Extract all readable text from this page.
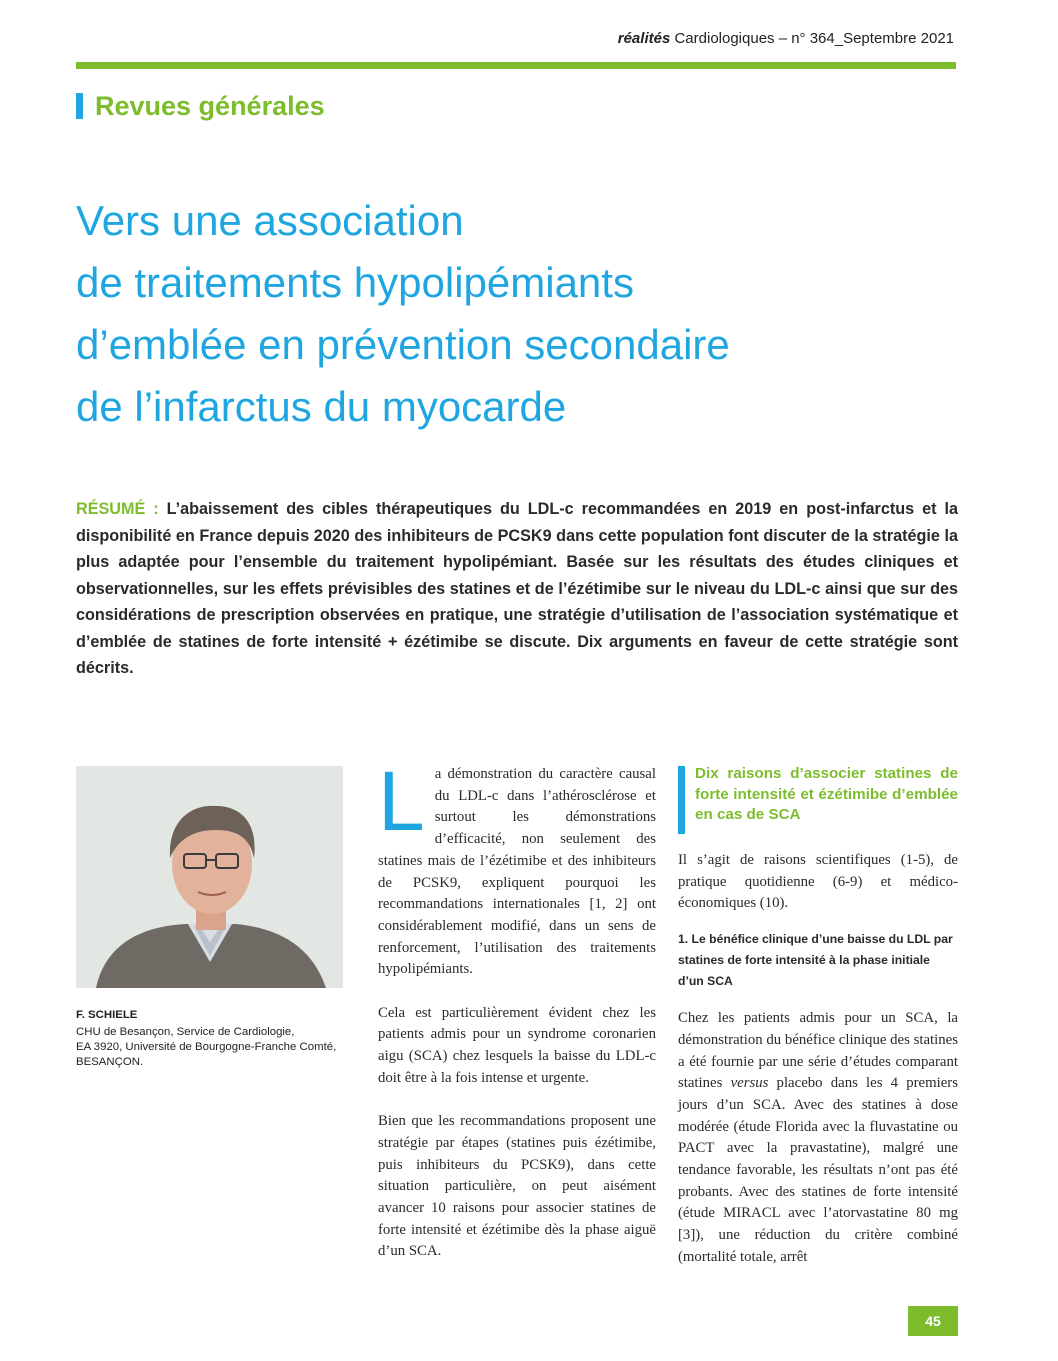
réalités Cardiologiques – n° 364_Septembre 2021
Revues générales
Vers une association
de traitements hypolipémiants
d’emblée en prévention secondaire
de l’infarctus du myocarde

RÉSUMÉ : L’abaissement des cibles thérapeutiques du LDL-c recommandées en 2019 en post-infarctus et la disponibilité en France depuis 2020 des inhibiteurs de PCSK9 dans cette population font discuter de la stratégie la plus adaptée pour l’ensemble du traitement hypolipémiant. Basée sur les résultats des études cliniques et observationnelles, sur les effets prévisibles des statines et de l’ézétimibe sur le niveau du LDL-c ainsi que sur des considérations de prescription observées en pratique, une stratégie d’utilisation de l’association systématique et d’emblée de statines de forte intensité + ézétimibe se discute. Dix arguments en faveur de cette stratégie sont décrits.

F. SCHIELE
CHU de Besançon, Service de Cardiologie,
EA 3920, Université de Bourgogne-Franche Comté,
BESANÇON.
L a démonstration du caractère causal du LDL-c dans l’athérosclérose et surtout les démonstrations d’efficacité, non seulement des statines mais de l’ézétimibe et des inhibiteurs de PCSK9, expliquent pourquoi les recommandations internationales [1, 2] ont considérablement modifié, dans un sens de renforcement, l’utilisation des traitements hypolipémiants.

Cela est particulièrement évident chez les patients admis pour un syndrome coronarien aigu (SCA) chez lesquels la baisse du LDL-c doit être à la fois intense et urgente.

Bien que les recommandations proposent une stratégie par étapes (statines puis ézétimibe, puis inhibiteurs du PCSK9), dans cette situation particulière, on peut aisément avancer 10 raisons pour associer statines de forte intensité et ézétimibe dès la phase aiguë d’un SCA.

Dix raisons d’associer statines de forte intensité et ézétimibe d’emblée en cas de SCA

Il s’agit de raisons scientifiques (1-5), de pratique quotidienne (6-9) et médico-économiques (10).

1. Le bénéfice clinique d’une baisse du LDL par statines de forte intensité à la phase initiale d’un SCA

Chez les patients admis pour un SCA, la démonstration du bénéfice clinique des statines a été fournie par une série d’études comparant statines versus placebo dans les 4 premiers jours d’un SCA. Avec des statines à dose modérée (étude Florida avec la fluvastatine ou PACT avec la pravastatine), malgré une tendance favorable, les résultats n’ont pas été probants. Avec des statines de forte intensité (étude MIRACL avec l’atorvastatine 80 mg [3]), une réduction du critère combiné (mortalité totale, arrêt

45
